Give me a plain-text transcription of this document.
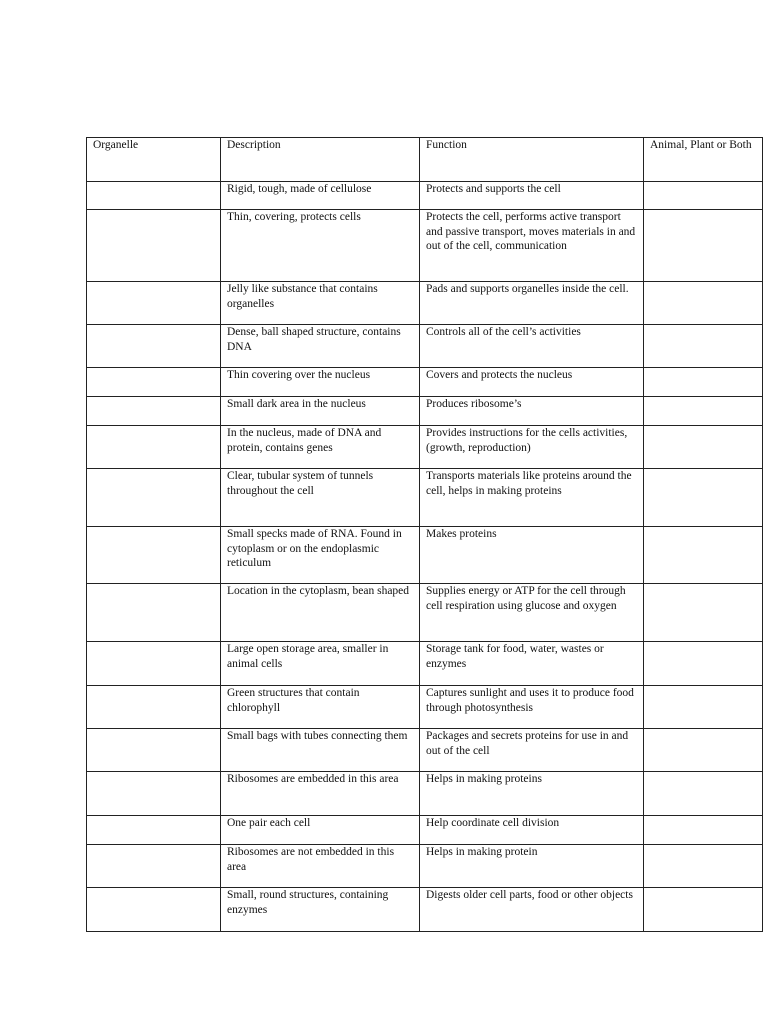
Organelle	Description	Function	Animal, Plant or Both

	Rigid, tough, made of cellulose	Protects and supports the cell	

	Thin, covering, protects cells	Protects the cell, performs active transport and passive transport, moves materials in and out of the cell, communication	

	Jelly like substance that contains organelles	Pads and supports organelles inside the cell.	

	Dense, ball shaped structure, contains DNA	Controls all of the cell’s activities	

	Thin covering over the nucleus	Covers and protects the nucleus	

	Small dark area in the nucleus	Produces ribosome’s	

	In the nucleus, made of DNA and protein, contains genes	Provides instructions for the cells activities, (growth, reproduction)	

	Clear, tubular system of tunnels throughout the cell	Transports materials like proteins around the cell, helps in making proteins	

	Small specks made of RNA. Found in cytoplasm or on the endoplasmic reticulum	Makes proteins	

	Location in the cytoplasm, bean shaped	Supplies energy or ATP for the cell through cell respiration using glucose and oxygen	

	Large open storage area, smaller in animal cells	Storage tank for food, water, wastes or enzymes	

	Green structures that contain chlorophyll	Captures sunlight and uses it to produce food through photosynthesis	

	Small bags with tubes connecting them	Packages and secrets proteins for use in and out of the cell	

	Ribosomes are embedded in this area	Helps in making proteins	

	One pair each cell	Help coordinate cell division	

	Ribosomes are not embedded in this area	Helps in making protein	

	Small, round structures, containing enzymes	Digests older cell parts, food or other objects	
